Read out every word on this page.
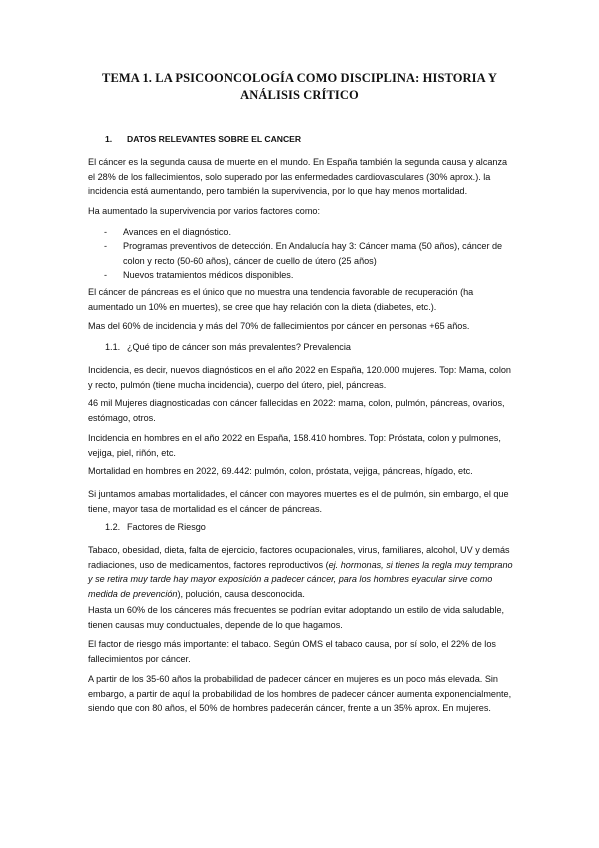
TEMA 1. LA PSICOONCOLOGÍA COMO DISCIPLINA: HISTORIA Y
ANÁLISIS CRÍTICO
1. DATOS RELEVANTES SOBRE EL CANCER

El cáncer es la segunda causa de muerte en el mundo. En España también la segunda causa y alcanza el 28% de los fallecimientos, solo superado por las enfermedades cardiovasculares (30% aprox.). la incidencia está aumentando, pero también la supervivencia, por lo que hay menos mortalidad.

Ha aumentado la supervivencia por varios factores como:

- Avances en el diagnóstico.
- Programas preventivos de detección. En Andalucía hay 3: Cáncer mama (50 años), cáncer de colon y recto (50-60 años), cáncer de cuello de útero (25 años)
- Nuevos tratamientos médicos disponibles.

El cáncer de páncreas es el único que no muestra una tendencia favorable de recuperación (ha aumentado un 10% en muertes), se cree que hay relación con la dieta (diabetes, etc.).

Mas del 60% de incidencia y más del 70% de fallecimientos por cáncer en personas +65 años.

1.1. ¿Qué tipo de cáncer son más prevalentes? Prevalencia

Incidencia, es decir, nuevos diagnósticos en el año 2022 en España, 120.000 mujeres. Top: Mama, colon y recto, pulmón (tiene mucha incidencia), cuerpo del útero, piel, páncreas.

46 mil Mujeres diagnosticadas con cáncer fallecidas en 2022: mama, colon, pulmón, páncreas, ovarios, estómago, otros.

Incidencia en hombres en el año 2022 en España, 158.410 hombres. Top: Próstata, colon y pulmones, vejiga, piel, riñón, etc.

Mortalidad en hombres en 2022, 69.442: pulmón, colon, próstata, vejiga, páncreas, hígado, etc.

Si juntamos amabas mortalidades, el cáncer con mayores muertes es el de pulmón, sin embargo, el que tiene, mayor tasa de mortalidad es el cáncer de páncreas.

1.2. Factores de Riesgo

Tabaco, obesidad, dieta, falta de ejercicio, factores ocupacionales, virus, familiares, alcohol, UV y demás radiaciones, uso de medicamentos, factores reproductivos (ej. hormonas, si tienes la regla muy temprano y se retira muy tarde hay mayor exposición a padecer cáncer, para los hombres eyacular sirve como medida de prevención), polución, causa desconocida.

Hasta un 60% de los cánceres más frecuentes se podrían evitar adoptando un estilo de vida saludable, tienen causas muy conductuales, depende de lo que hagamos.

El factor de riesgo más importante: el tabaco. Según OMS el tabaco causa, por sí solo, el 22% de los fallecimientos por cáncer.

A partir de los 35-60 años la probabilidad de padecer cáncer en mujeres es un poco más elevada. Sin embargo, a partir de aquí la probabilidad de los hombres de padecer cáncer aumenta exponencialmente, siendo que con 80 años, el 50% de hombres padecerán cáncer, frente a un 35% aprox. En mujeres.
